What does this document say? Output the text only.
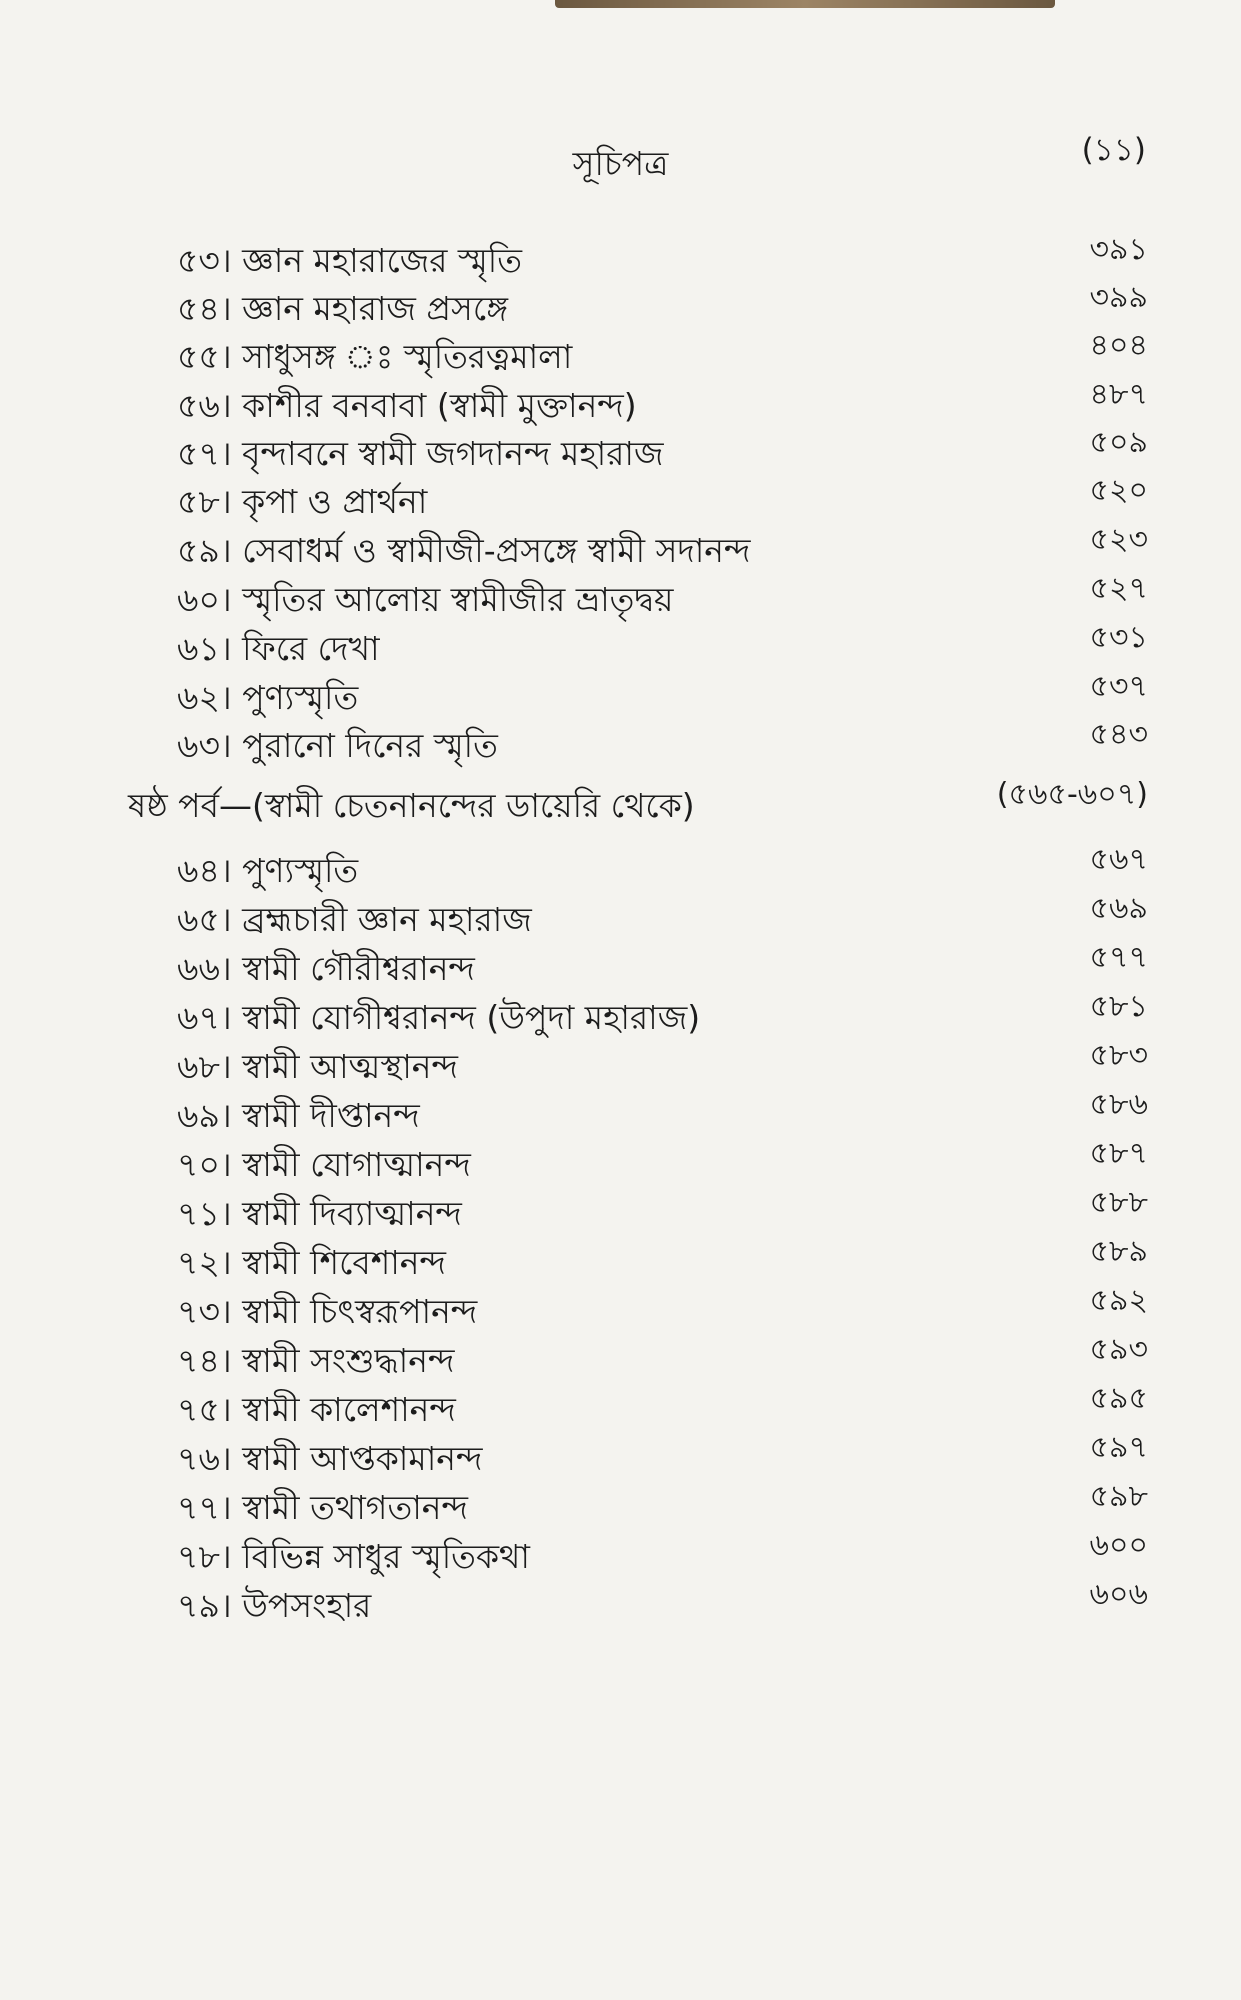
সূচিপত্র	(১১)
৫৩। জ্ঞান মহারাজের স্মৃতি	৩৯১
৫৪। জ্ঞান মহারাজ প্রসঙ্গে	৩৯৯
৫৫। সাধুসঙ্গ ঃ স্মৃতিরত্নমালা	৪০৪
৫৬। কাশীর বনবাবা (স্বামী মুক্তানন্দ)	৪৮৭
৫৭। বৃন্দাবনে স্বামী জগদানন্দ মহারাজ	৫০৯
৫৮। কৃপা ও প্রার্থনা	৫২০
৫৯। সেবাধর্ম ও স্বামীজী-প্রসঙ্গে স্বামী সদানন্দ	৫২৩
৬০। স্মৃতির আলোয় স্বামীজীর ভ্রাতৃদ্বয়	৫২৭
৬১। ফিরে দেখা	৫৩১
৬২। পুণ্যস্মৃতি	৫৩৭
৬৩। পুরানো দিনের স্মৃতি	৫৪৩
ষষ্ঠ পর্ব—(স্বামী চেতনানন্দের ডায়েরি থেকে)	(৫৬৫-৬০৭)
৬৪। পুণ্যস্মৃতি	৫৬৭
৬৫। ব্রহ্মচারী জ্ঞান মহারাজ	৫৬৯
৬৬। স্বামী গৌরীশ্বরানন্দ	৫৭৭
৬৭। স্বামী যোগীশ্বরানন্দ (উপুদা মহারাজ)	৫৮১
৬৮। স্বামী আত্মস্থানন্দ	৫৮৩
৬৯। স্বামী দীপ্তানন্দ	৫৮৬
৭০। স্বামী যোগাত্মানন্দ	৫৮৭
৭১। স্বামী দিব্যাত্মানন্দ	৫৮৮
৭২। স্বামী শিবেশানন্দ	৫৮৯
৭৩। স্বামী চিৎস্বরূপানন্দ	৫৯২
৭৪। স্বামী সংশুদ্ধানন্দ	৫৯৩
৭৫। স্বামী কালেশানন্দ	৫৯৫
৭৬। স্বামী আপ্তকামানন্দ	৫৯৭
৭৭। স্বামী তথাগতানন্দ	৫৯৮
৭৮। বিভিন্ন সাধুর স্মৃতিকথা	৬০০
৭৯। উপসংহার	৬০৬
